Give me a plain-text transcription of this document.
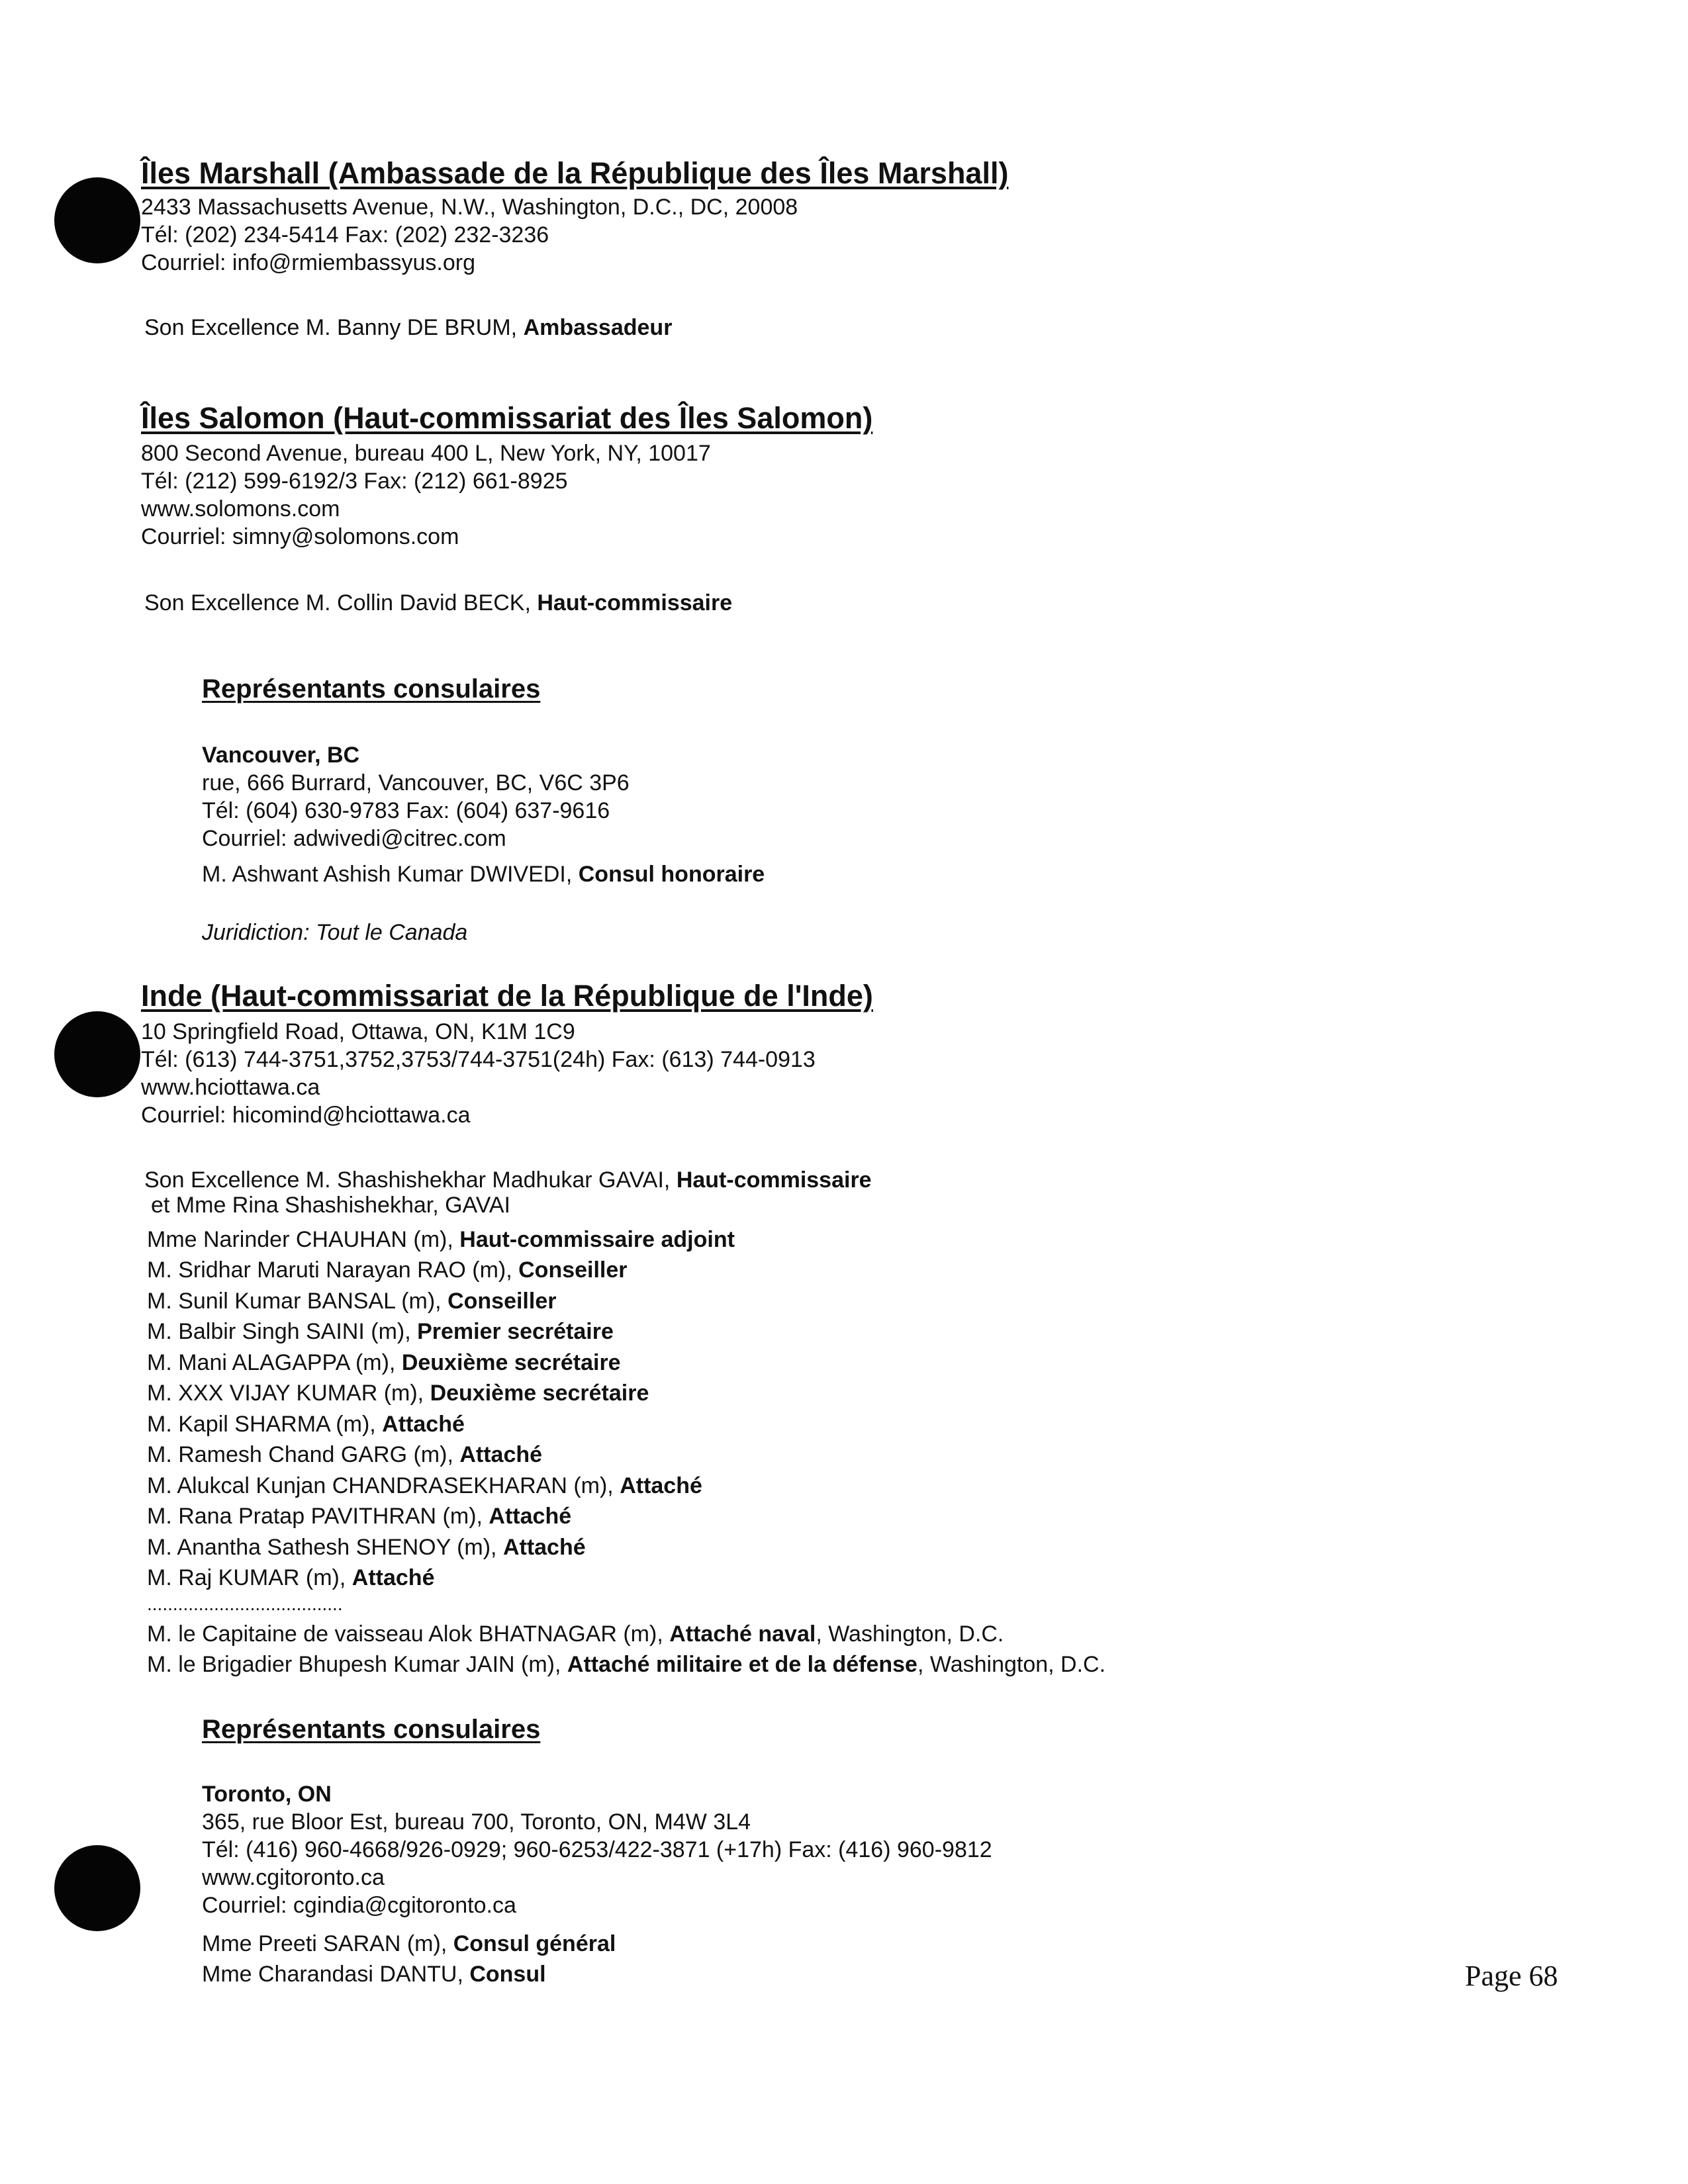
Îles Marshall (Ambassade de la République des Îles Marshall)
2433 Massachusetts Avenue, N.W., Washington, D.C., DC, 20008
Tél: (202) 234-5414 Fax: (202) 232-3236
Courriel: info@rmiembassyus.org
Son Excellence M. Banny DE BRUM, Ambassadeur
Îles Salomon (Haut-commissariat des Îles Salomon)
800 Second Avenue, bureau 400 L, New York, NY, 10017
Tél: (212) 599-6192/3 Fax: (212) 661-8925
www.solomons.com
Courriel: simny@solomons.com
Son Excellence M. Collin David BECK, Haut-commissaire
Représentants consulaires
Vancouver, BC
rue, 666 Burrard, Vancouver, BC, V6C 3P6
Tél: (604) 630-9783 Fax: (604) 637-9616
Courriel: adwivedi@citrec.com
M. Ashwant Ashish Kumar DWIVEDI, Consul honoraire
Juridiction: Tout le Canada
Inde (Haut-commissariat de la République de l'Inde)
10 Springfield Road, Ottawa, ON, K1M 1C9
Tél: (613) 744-3751,3752,3753/744-3751(24h) Fax: (613) 744-0913
www.hciottawa.ca
Courriel: hicomind@hciottawa.ca
Son Excellence M. Shashishekhar Madhukar GAVAI, Haut-commissaire
et Mme Rina Shashishekhar, GAVAI
Mme Narinder CHAUHAN (m), Haut-commissaire adjoint
M. Sridhar Maruti Narayan RAO (m), Conseiller
M. Sunil Kumar BANSAL (m), Conseiller
M. Balbir Singh SAINI (m), Premier secrétaire
M. Mani ALAGAPPA (m), Deuxième secrétaire
M. XXX VIJAY KUMAR (m), Deuxième secrétaire
M. Kapil SHARMA (m), Attaché
M. Ramesh Chand GARG (m), Attaché
M. Alukcal Kunjan CHANDRASEKHARAN (m), Attaché
M. Rana Pratap PAVITHRAN (m), Attaché
M. Anantha Sathesh SHENOY (m), Attaché
M. Raj KUMAR (m), Attaché
......................................
M. le Capitaine de vaisseau Alok BHATNAGAR (m), Attaché naval, Washington, D.C.
M. le Brigadier Bhupesh Kumar JAIN (m), Attaché militaire et de la défense, Washington, D.C.
Représentants consulaires
Toronto, ON
365, rue Bloor Est, bureau 700, Toronto, ON, M4W 3L4
Tél: (416) 960-4668/926-0929; 960-6253/422-3871 (+17h) Fax: (416) 960-9812
www.cgitoronto.ca
Courriel: cgindia@cgitoronto.ca
Mme Preeti SARAN (m), Consul général
Mme Charandasi DANTU, Consul	Page 68
